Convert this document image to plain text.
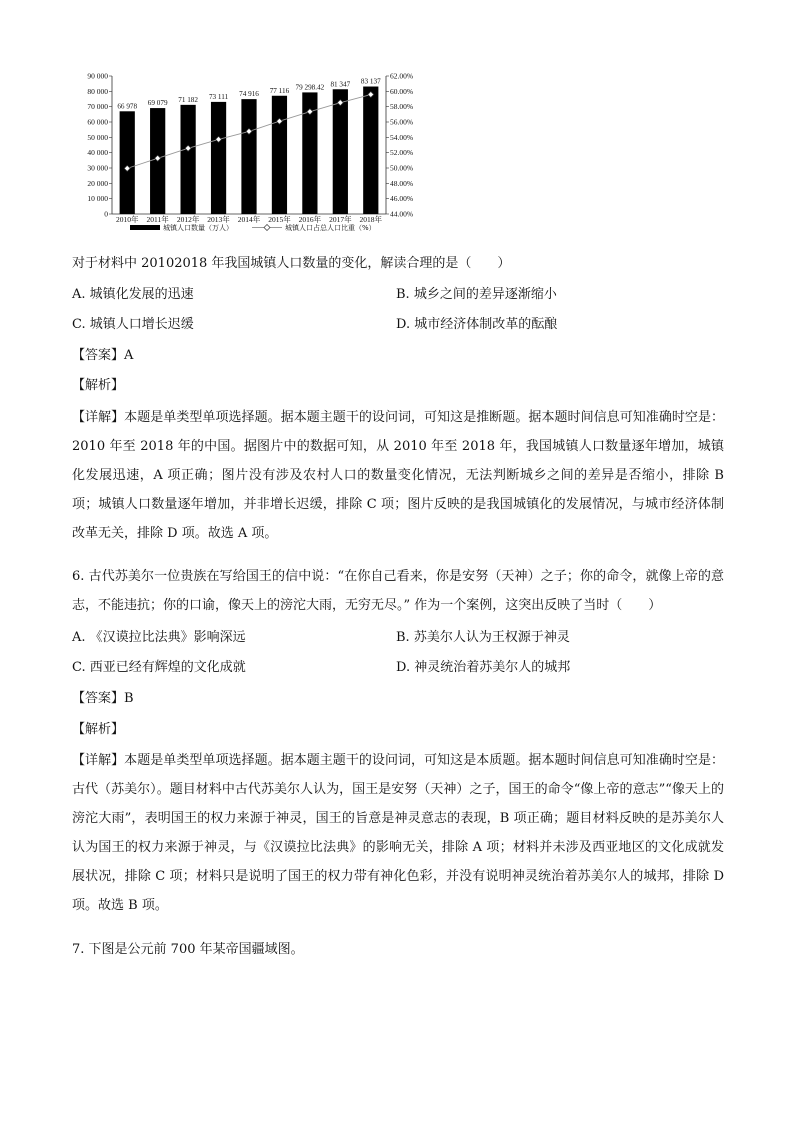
0
10 000
20 000
30 000
40 000
50 000
60 000
70 000
80 000
90 000
44.00%
46.00%
48.00%
50.00%
52.00%
54.00%
56.00%
58.00%
60.00%
62.00%
66 978
2010年
69 079
2011年
71 182
2012年
73 111
2013年
74 916
2014年
77 116
2015年
79 298.42
2016年
81 347
2017年
83 137
2018年
城镇人口数量（万人）	城镇人口占总人口比重（%）
对于材料中 20102018 年我国城镇人口数量的变化，解读合理的是（　　）
A. 城镇化发展的迅速	B. 城乡之间的差异逐渐缩小
C. 城镇人口增长迟缓	D. 城市经济体制改革的酝酿
【答案】A
【解析】
【详解】本题是单类型单项选择题。据本题主题干的设问词，可知这是推断题。据本题时间信息可知准确时空是：2010 年至 2018 年的中国。据图片中的数据可知，从 2010 年至 2018 年，我国城镇人口数量逐年增加，城镇化发展迅速，A 项正确；图片没有涉及农村人口的数量变化情况，无法判断城乡之间的差异是否缩小，排除 B 项；城镇人口数量逐年增加，并非增长迟缓，排除 C 项；图片反映的是我国城镇化的发展情况，与城市经济体制改革无关，排除 D 项。故选 A 项。
6. 古代苏美尔一位贵族在写给国王的信中说：“在你自己看来，你是安努（天神）之子；你的命令，就像上帝的意志，不能违抗；你的口谕，像天上的滂沱大雨，无穷无尽。” 作为一个案例，这突出反映了当时（　　）
A. 《汉谟拉比法典》影响深远	B. 苏美尔人认为王权源于神灵
C. 西亚已经有辉煌的文化成就	D. 神灵统治着苏美尔人的城邦
【答案】B
【解析】
【详解】本题是单类型单项选择题。据本题主题干的设问词，可知这是本质题。据本题时间信息可知准确时空是：古代（苏美尔）。题目材料中古代苏美尔人认为，国王是安努（天神）之子，国王的命令“像上帝的意志”“像天上的滂沱大雨”，表明国王的权力来源于神灵，国王的旨意是神灵意志的表现，B 项正确；题目材料反映的是苏美尔人认为国王的权力来源于神灵，与《汉谟拉比法典》的影响无关，排除 A 项；材料并未涉及西亚地区的文化成就发展状况，排除 C 项；材料只是说明了国王的权力带有神化色彩，并没有说明神灵统治着苏美尔人的城邦，排除 D 项。故选 B 项。
7. 下图是公元前 700 年某帝国疆域图。
